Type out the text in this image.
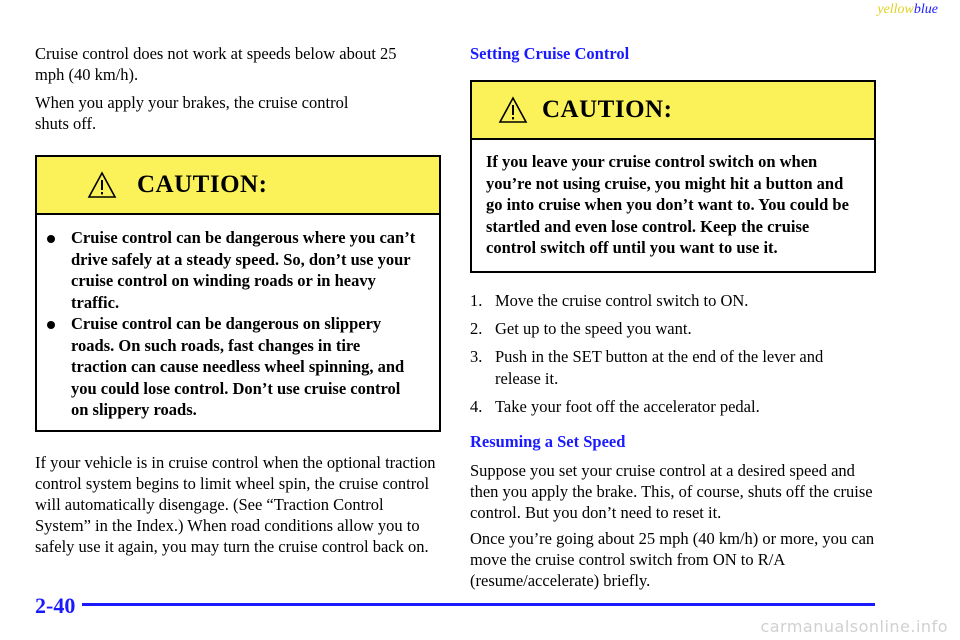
yellowblue

Cruise control does not work at speeds below about 25 mph (40 km/h).

When you apply your brakes, the cruise control shuts off.

CAUTION:
Cruise control can be dangerous where you can’t drive safely at a steady speed. So, don’t use your cruise control on winding roads or in heavy traffic.
Cruise control can be dangerous on slippery roads. On such roads, fast changes in tire traction can cause needless wheel spinning, and you could lose control. Don’t use cruise control on slippery roads.

If your vehicle is in cruise control when the optional traction control system begins to limit wheel spin, the cruise control will automatically disengage. (See “Traction Control System” in the Index.) When road conditions allow you to safely use it again, you may turn the cruise control back on.

Setting Cruise Control
CAUTION:
If you leave your cruise control switch on when you’re not using cruise, you might hit a button and go into cruise when you don’t want to. You could be startled and even lose control. Keep the cruise control switch off until you want to use it.
1. Move the cruise control switch to ON.
2. Get up to the speed you want.
3. Push in the SET button at the end of the lever and release it.
4. Take your foot off the accelerator pedal.
Resuming a Set Speed

Suppose you set your cruise control at a desired speed and then you apply the brake. This, of course, shuts off the cruise control. But you don’t need to reset it.

Once you’re going about 25 mph (40 km/h) or more, you can move the cruise control switch from ON to R/A (resume/accelerate) briefly.

2-40
carmanualsonline.info
